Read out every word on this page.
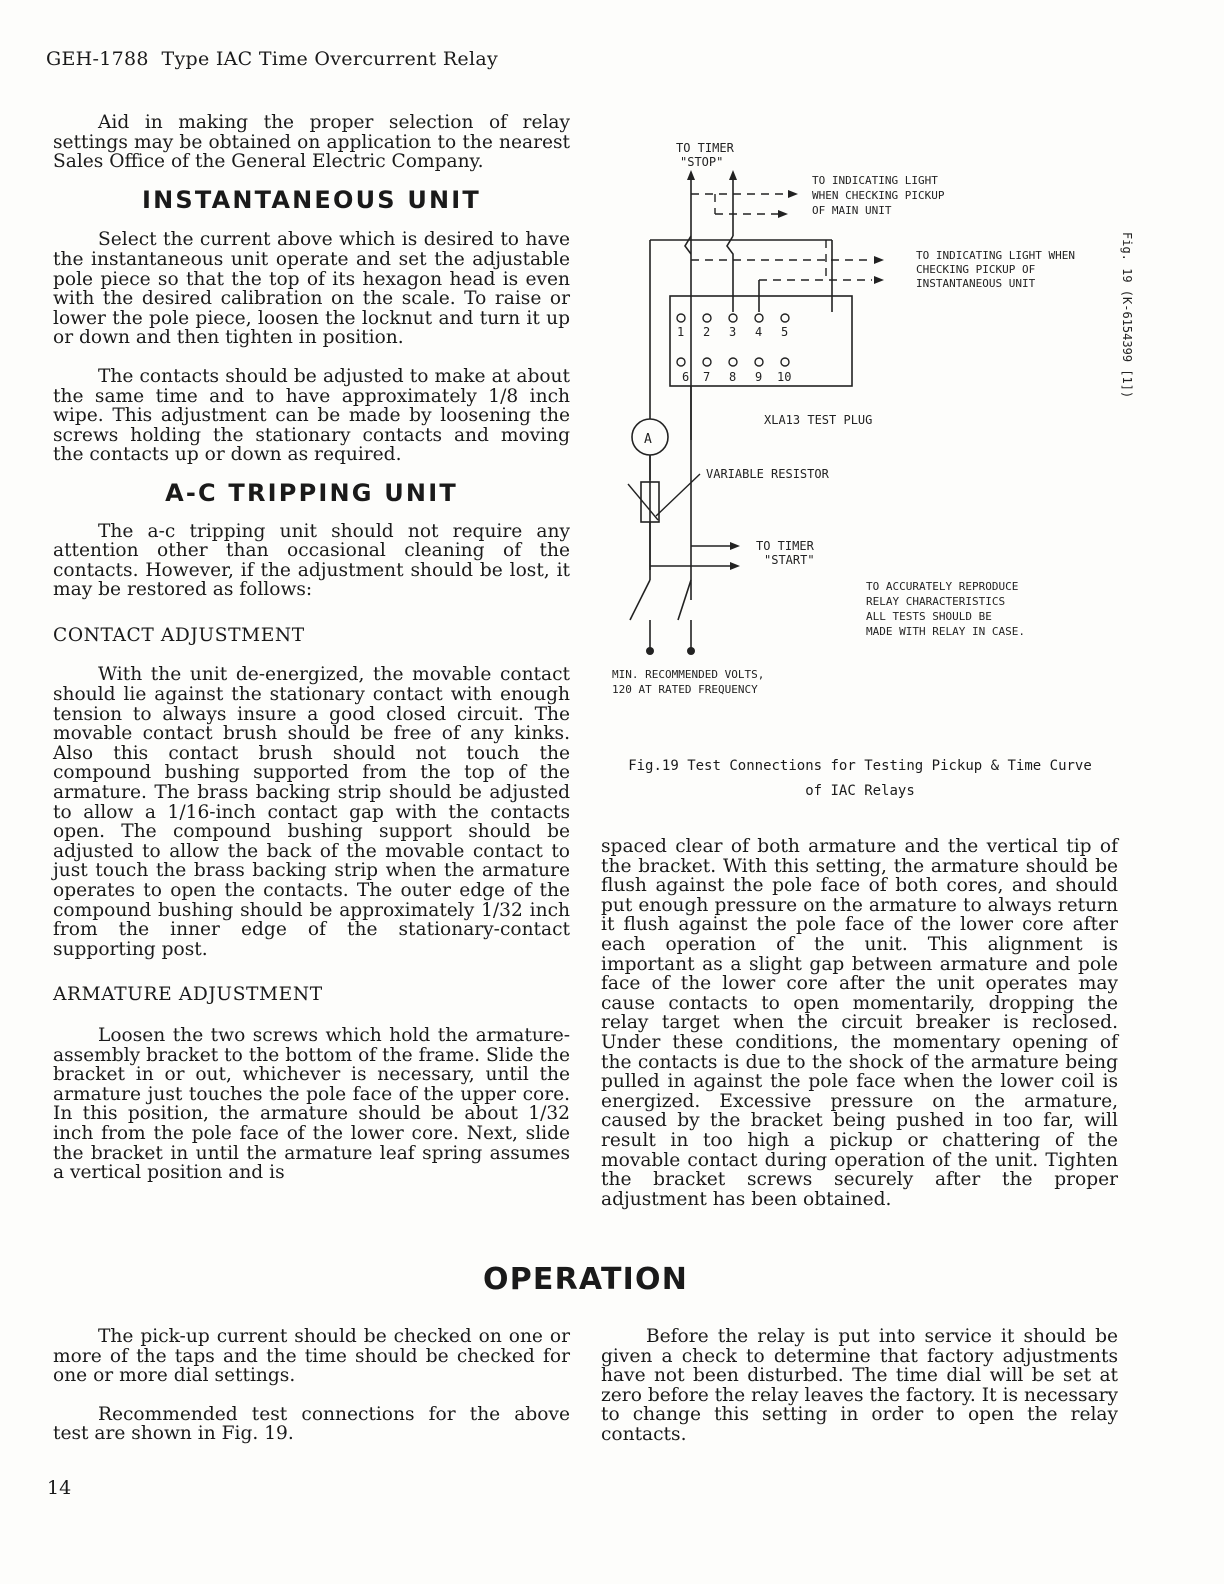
GEH-1788 Type IAC Time Overcurrent Relay

Aid in making the proper selection of relay settings may be obtained on application to the nearest Sales Office of the General Electric Company.

INSTANTANEOUS UNIT

Select the current above which is desired to have the instantaneous unit operate and set the adjustable pole piece so that the top of its hexagon head is even with the desired calibration on the scale. To raise or lower the pole piece, loosen the locknut and turn it up or down and then tighten in position.

The contacts should be adjusted to make at about the same time and to have approximately 1/8 inch wipe. This adjustment can be made by loosening the screws holding the stationary contacts and moving the contacts up or down as required.

A-C TRIPPING UNIT

The a-c tripping unit should not require any attention other than occasional cleaning of the contacts. However, if the adjustment should be lost, it may be restored as follows:

CONTACT ADJUSTMENT

With the unit de-energized, the movable contact should lie against the stationary contact with enough tension to always insure a good closed circuit. The movable contact brush should be free of any kinks. Also this contact brush should not touch the compound bushing supported from the top of the armature. The brass backing strip should be adjusted to allow a 1/16-inch contact gap with the contacts open. The compound bushing support should be adjusted to allow the back of the movable contact to just touch the brass backing strip when the armature operates to open the contacts. The outer edge of the compound bushing should be approximately 1/32 inch from the inner edge of the stationary-contact supporting post.

ARMATURE ADJUSTMENT

Loosen the two screws which hold the armature-assembly bracket to the bottom of the frame. Slide the bracket in or out, whichever is necessary, until the armature just touches the pole face of the upper core. In this position, the armature should be about 1/32 inch from the pole face of the lower core. Next, slide the bracket in until the armature leaf spring assumes a vertical position and is

A
TO TIMER
"STOP"
TO INDICATING LIGHT
WHEN CHECKING PICKUP
OF MAIN UNIT
TO INDICATING LIGHT WHEN
CHECKING PICKUP OF
INSTANTANEOUS UNIT
1 2 3 4 5
6 7 8 9 10
XLA13 TEST PLUG
VARIABLE RESISTOR
TO TIMER
"START"
TO ACCURATELY REPRODUCE
RELAY CHARACTERISTICS
ALL TESTS SHOULD BE
MADE WITH RELAY IN CASE.
MIN. RECOMMENDED VOLTS,
120 AT RATED FREQUENCY
Fig. 19 (K-6154399 [1])
Fig.19 Test Connections for Testing Pickup & Time Curve
of IAC Relays

spaced clear of both armature and the vertical tip of the bracket. With this setting, the armature should be flush against the pole face of both cores, and should put enough pressure on the armature to always return it flush against the pole face of the lower core after each operation of the unit. This alignment is important as a slight gap between armature and pole face of the lower core after the unit operates may cause contacts to open momentarily, dropping the relay target when the circuit breaker is reclosed. Under these conditions, the momentary opening of the contacts is due to the shock of the armature being pulled in against the pole face when the lower coil is energized. Excessive pressure on the armature, caused by the bracket being pushed in too far, will result in too high a pickup or chattering of the movable contact during operation of the unit. Tighten the bracket screws securely after the proper adjustment has been obtained.

OPERATION

The pick-up current should be checked on one or more of the taps and the time should be checked for one or more dial settings.

Recommended test connections for the above test are shown in Fig. 19.

Before the relay is put into service it should be given a check to determine that factory adjustments have not been disturbed. The time dial will be set at zero before the relay leaves the factory. It is necessary to change this setting in order to open the relay contacts.

14
